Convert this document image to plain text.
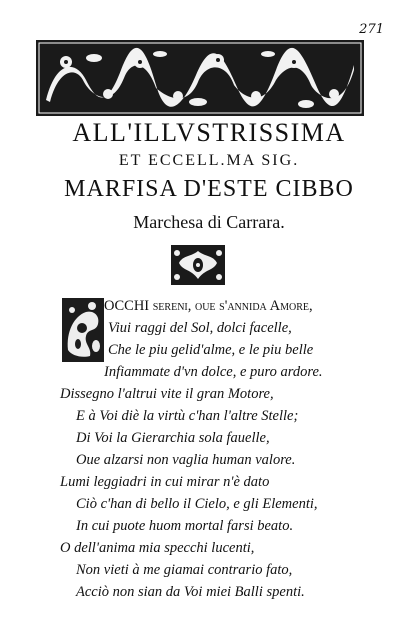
271
ALL'ILLVSTRISSIMA
ET ECCELL.MA SIG.
MARFISA D'ESTE CIBBO
Marchesa di Carrara.
OCCHI sereni, oue s'annida Amore,
Viui raggi del Sol, dolci facelle,
Che le piu gelid'alme, e le piu belle
Infiammate d'vn dolce, e puro ardore.
Dissegno l'altrui vite il gran Motore,
E à Voi diè la virtù c'han l'altre Stelle;
Di Voi la Gierarchia sola fauelle,
Oue alzarsi non vaglia human valore.
Lumi leggiadri in cui mirar n'è dato
Ciò c'han di bello il Cielo, e gli Elementi,
In cui puote huom mortal farsi beato.
O dell'anima mia specchi lucenti,
Non vieti à me giamai contrario fato,
Acciò non sian da Voi miei Balli spenti.
